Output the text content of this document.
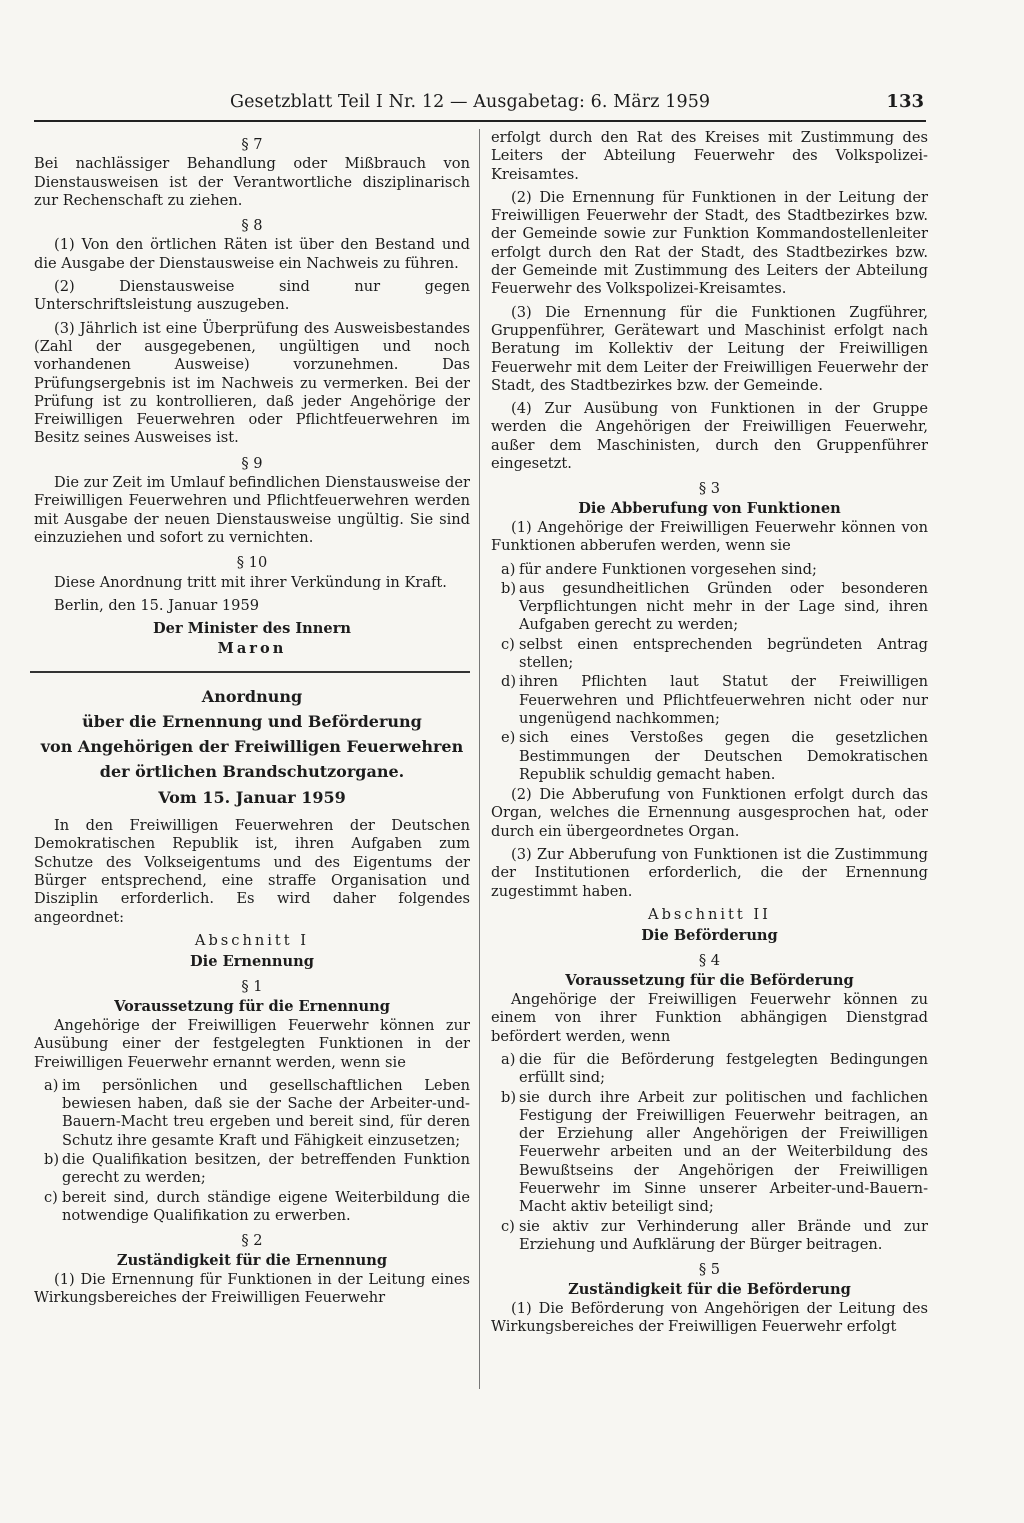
Gesetzblatt Teil I Nr. 12 — Ausgabetag: 6. März 1959	133
§ 7

Bei nachlässiger Behandlung oder Mißbrauch von Dienstausweisen ist der Verantwortliche disziplinarisch zur Rechenschaft zu ziehen.

§ 8

(1) Von den örtlichen Räten ist über den Bestand und die Ausgabe der Dienstausweise ein Nachweis zu führen.

(2) Dienstausweise sind nur gegen Unterschriftsleistung auszugeben.

(3) Jährlich ist eine Überprüfung des Ausweisbestandes (Zahl der ausgegebenen, ungültigen und noch vorhandenen Ausweise) vorzunehmen. Das Prüfungsergebnis ist im Nachweis zu vermerken. Bei der Prüfung ist zu kontrollieren, daß jeder Angehörige der Freiwilligen Feuerwehren oder Pflichtfeuerwehren im Besitz seines Ausweises ist.

§ 9

Die zur Zeit im Umlauf befindlichen Dienstausweise der Freiwilligen Feuerwehren und Pflichtfeuerwehren werden mit Ausgabe der neuen Dienstausweise ungültig. Sie sind einzuziehen und sofort zu vernichten.

§ 10

Diese Anordnung tritt mit ihrer Verkündung in Kraft.

Berlin, den 15. Januar 1959

Der Minister des Innern
Maron
Anordnung
über die Ernennung und Beförderung
von Angehörigen der Freiwilligen Feuerwehren
der örtlichen Brandschutzorgane.
Vom 15. Januar 1959

In den Freiwilligen Feuerwehren der Deutschen Demokratischen Republik ist, ihren Aufgaben zum Schutze des Volkseigentums und des Eigentums der Bürger entsprechend, eine straffe Organisation und Disziplin erforderlich. Es wird daher folgendes angeordnet:

Abschnitt I
Die Ernennung
§ 1
Voraussetzung für die Ernennung

Angehörige der Freiwilligen Feuerwehr können zur Ausübung einer der festgelegten Funktionen in der Freiwilligen Feuerwehr ernannt werden, wenn sie

a) im persönlichen und gesellschaftlichen Leben bewiesen haben, daß sie der Sache der Arbeiter-und-Bauern-Macht treu ergeben und bereit sind, für deren Schutz ihre gesamte Kraft und Fähigkeit einzusetzen;
b) die Qualifikation besitzen, der betreffenden Funktion gerecht zu werden;
c) bereit sind, durch ständige eigene Weiterbildung die notwendige Qualifikation zu erwerben.
§ 2
Zuständigkeit für die Ernennung

(1) Die Ernennung für Funktionen in der Leitung eines Wirkungsbereiches der Freiwilligen Feuerwehr

erfolgt durch den Rat des Kreises mit Zustimmung des Leiters der Abteilung Feuerwehr des Volkspolizei-Kreisamtes.

(2) Die Ernennung für Funktionen in der Leitung der Freiwilligen Feuerwehr der Stadt, des Stadtbezirkes bzw. der Gemeinde sowie zur Funktion Kommandostellenleiter erfolgt durch den Rat der Stadt, des Stadtbezirkes bzw. der Gemeinde mit Zustimmung des Leiters der Abteilung Feuerwehr des Volkspolizei-Kreisamtes.

(3) Die Ernennung für die Funktionen Zugführer, Gruppenführer, Gerätewart und Maschinist erfolgt nach Beratung im Kollektiv der Leitung der Freiwilligen Feuerwehr mit dem Leiter der Freiwilligen Feuerwehr der Stadt, des Stadtbezirkes bzw. der Gemeinde.

(4) Zur Ausübung von Funktionen in der Gruppe werden die Angehörigen der Freiwilligen Feuerwehr, außer dem Maschinisten, durch den Gruppenführer eingesetzt.

§ 3
Die Abberufung von Funktionen

(1) Angehörige der Freiwilligen Feuerwehr können von Funktionen abberufen werden, wenn sie

a) für andere Funktionen vorgesehen sind;
b) aus gesundheitlichen Gründen oder besonderen Verpflichtungen nicht mehr in der Lage sind, ihren Aufgaben gerecht zu werden;
c) selbst einen entsprechenden begründeten Antrag stellen;
d) ihren Pflichten laut Statut der Freiwilligen Feuerwehren und Pflichtfeuerwehren nicht oder nur ungenügend nachkommen;
e) sich eines Verstoßes gegen die gesetzlichen Bestimmungen der Deutschen Demokratischen Republik schuldig gemacht haben.

(2) Die Abberufung von Funktionen erfolgt durch das Organ, welches die Ernennung ausgesprochen hat, oder durch ein übergeordnetes Organ.

(3) Zur Abberufung von Funktionen ist die Zustimmung der Institutionen erforderlich, die der Ernennung zugestimmt haben.

Abschnitt II
Die Beförderung
§ 4
Voraussetzung für die Beförderung

Angehörige der Freiwilligen Feuerwehr können zu einem von ihrer Funktion abhängigen Dienstgrad befördert werden, wenn

a) die für die Beförderung festgelegten Bedingungen erfüllt sind;
b) sie durch ihre Arbeit zur politischen und fachlichen Festigung der Freiwilligen Feuerwehr beitragen, an der Erziehung aller Angehörigen der Freiwilligen Feuerwehr arbeiten und an der Weiterbildung des Bewußtseins der Angehörigen der Freiwilligen Feuerwehr im Sinne unserer Arbeiter-und-Bauern-Macht aktiv beteiligt sind;
c) sie aktiv zur Verhinderung aller Brände und zur Erziehung und Aufklärung der Bürger beitragen.
§ 5
Zuständigkeit für die Beförderung

(1) Die Beförderung von Angehörigen der Leitung des Wirkungsbereiches der Freiwilligen Feuerwehr erfolgt
